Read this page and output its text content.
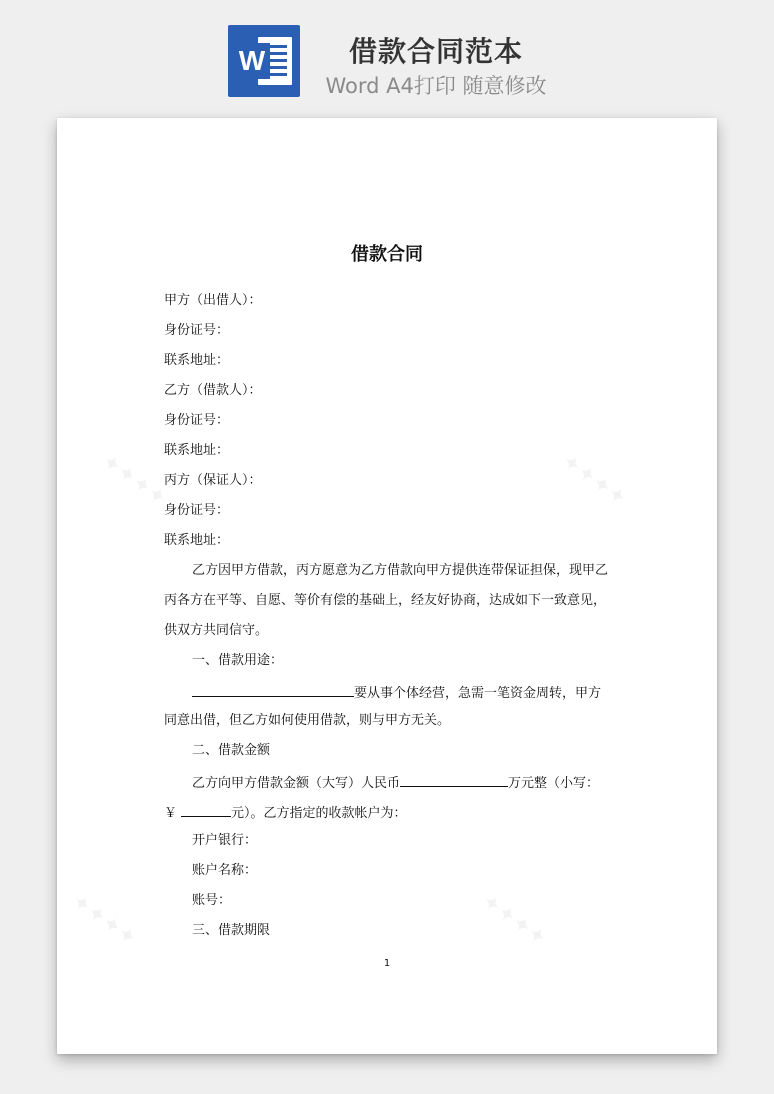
W	借款合同范本
Word A4打印 随意修改
✦✦✦✦	✦✦✦✦
✦✦✦✦	✦✦✦✦
借款合同
甲方（出借人）：
身份证号：
联系地址：
乙方（借款人）：
身份证号：
联系地址：
丙方（保证人）：
身份证号：
联系地址：
乙方因甲方借款，丙方愿意为乙方借款向甲方提供连带保证担保，现甲乙
丙各方在平等、自愿、等价有偿的基础上，经友好协商，达成如下一致意见，
供双方共同信守。
一、借款用途：
要从事个体经营，急需一笔资金周转，甲方
同意出借，但乙方如何使用借款，则与甲方无关。
二、借款金额
乙方向甲方借款金额（大写）人民币	万元整（小写：
￥	元）。乙方指定的收款帐户为：
开户银行：
账户名称：
账号：
三、借款期限
1
